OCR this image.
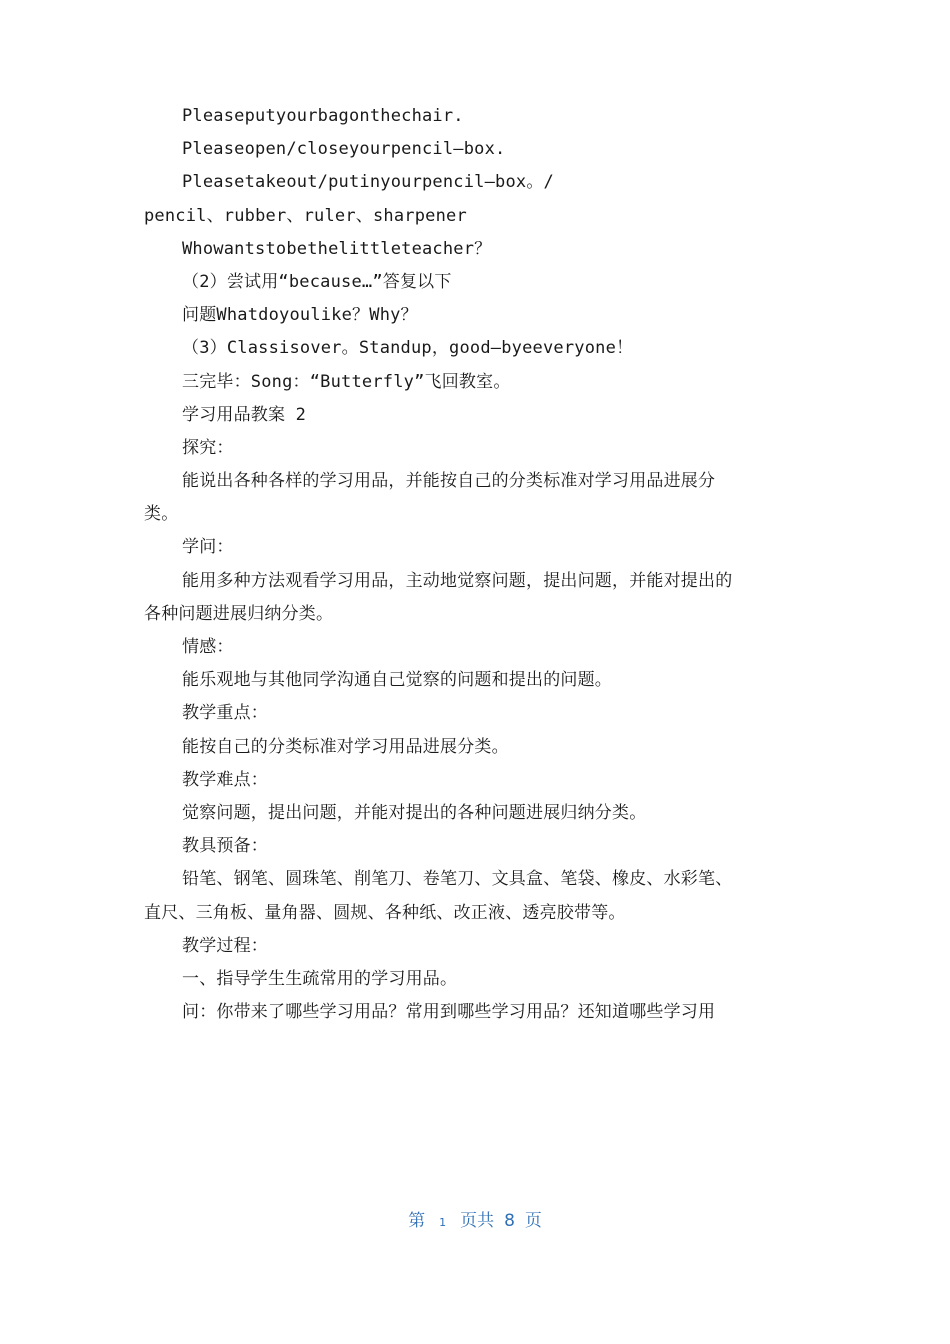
Pleaseputyourbagonthechair.
Pleaseopen/closeyourpencil—box.
Pleasetakeout/putinyourpencil—box。/
pencil、rubber、ruler、sharpener
Whowantstobethelittleteacher？
（2）尝试用“because…”答复以下
问题Whatdoyoulike？Why？
（3）Classisover。Standup，good—byeeveryone！
三完毕：Song：“Butterfly”飞回教室。
学习用品教案 2
探究：
能说出各种各样的学习用品，并能按自己的分类标准对学习用品进展分
类。
学问：
能用多种方法观看学习用品，主动地觉察问题，提出问题，并能对提出的
各种问题进展归纳分类。
情感：
能乐观地与其他同学沟通自己觉察的问题和提出的问题。
教学重点：
能按自己的分类标准对学习用品进展分类。
教学难点：
觉察问题，提出问题，并能对提出的各种问题进展归纳分类。
教具预备：
铅笔、钢笔、圆珠笔、削笔刀、卷笔刀、文具盒、笔袋、橡皮、水彩笔、
直尺、三角板、量角器、圆规、各种纸、改正液、透亮胶带等。
教学过程：
一、指导学生生疏常用的学习用品。
问：你带来了哪些学习用品？常用到哪些学习用品？还知道哪些学习用
第 1 页共 8 页
